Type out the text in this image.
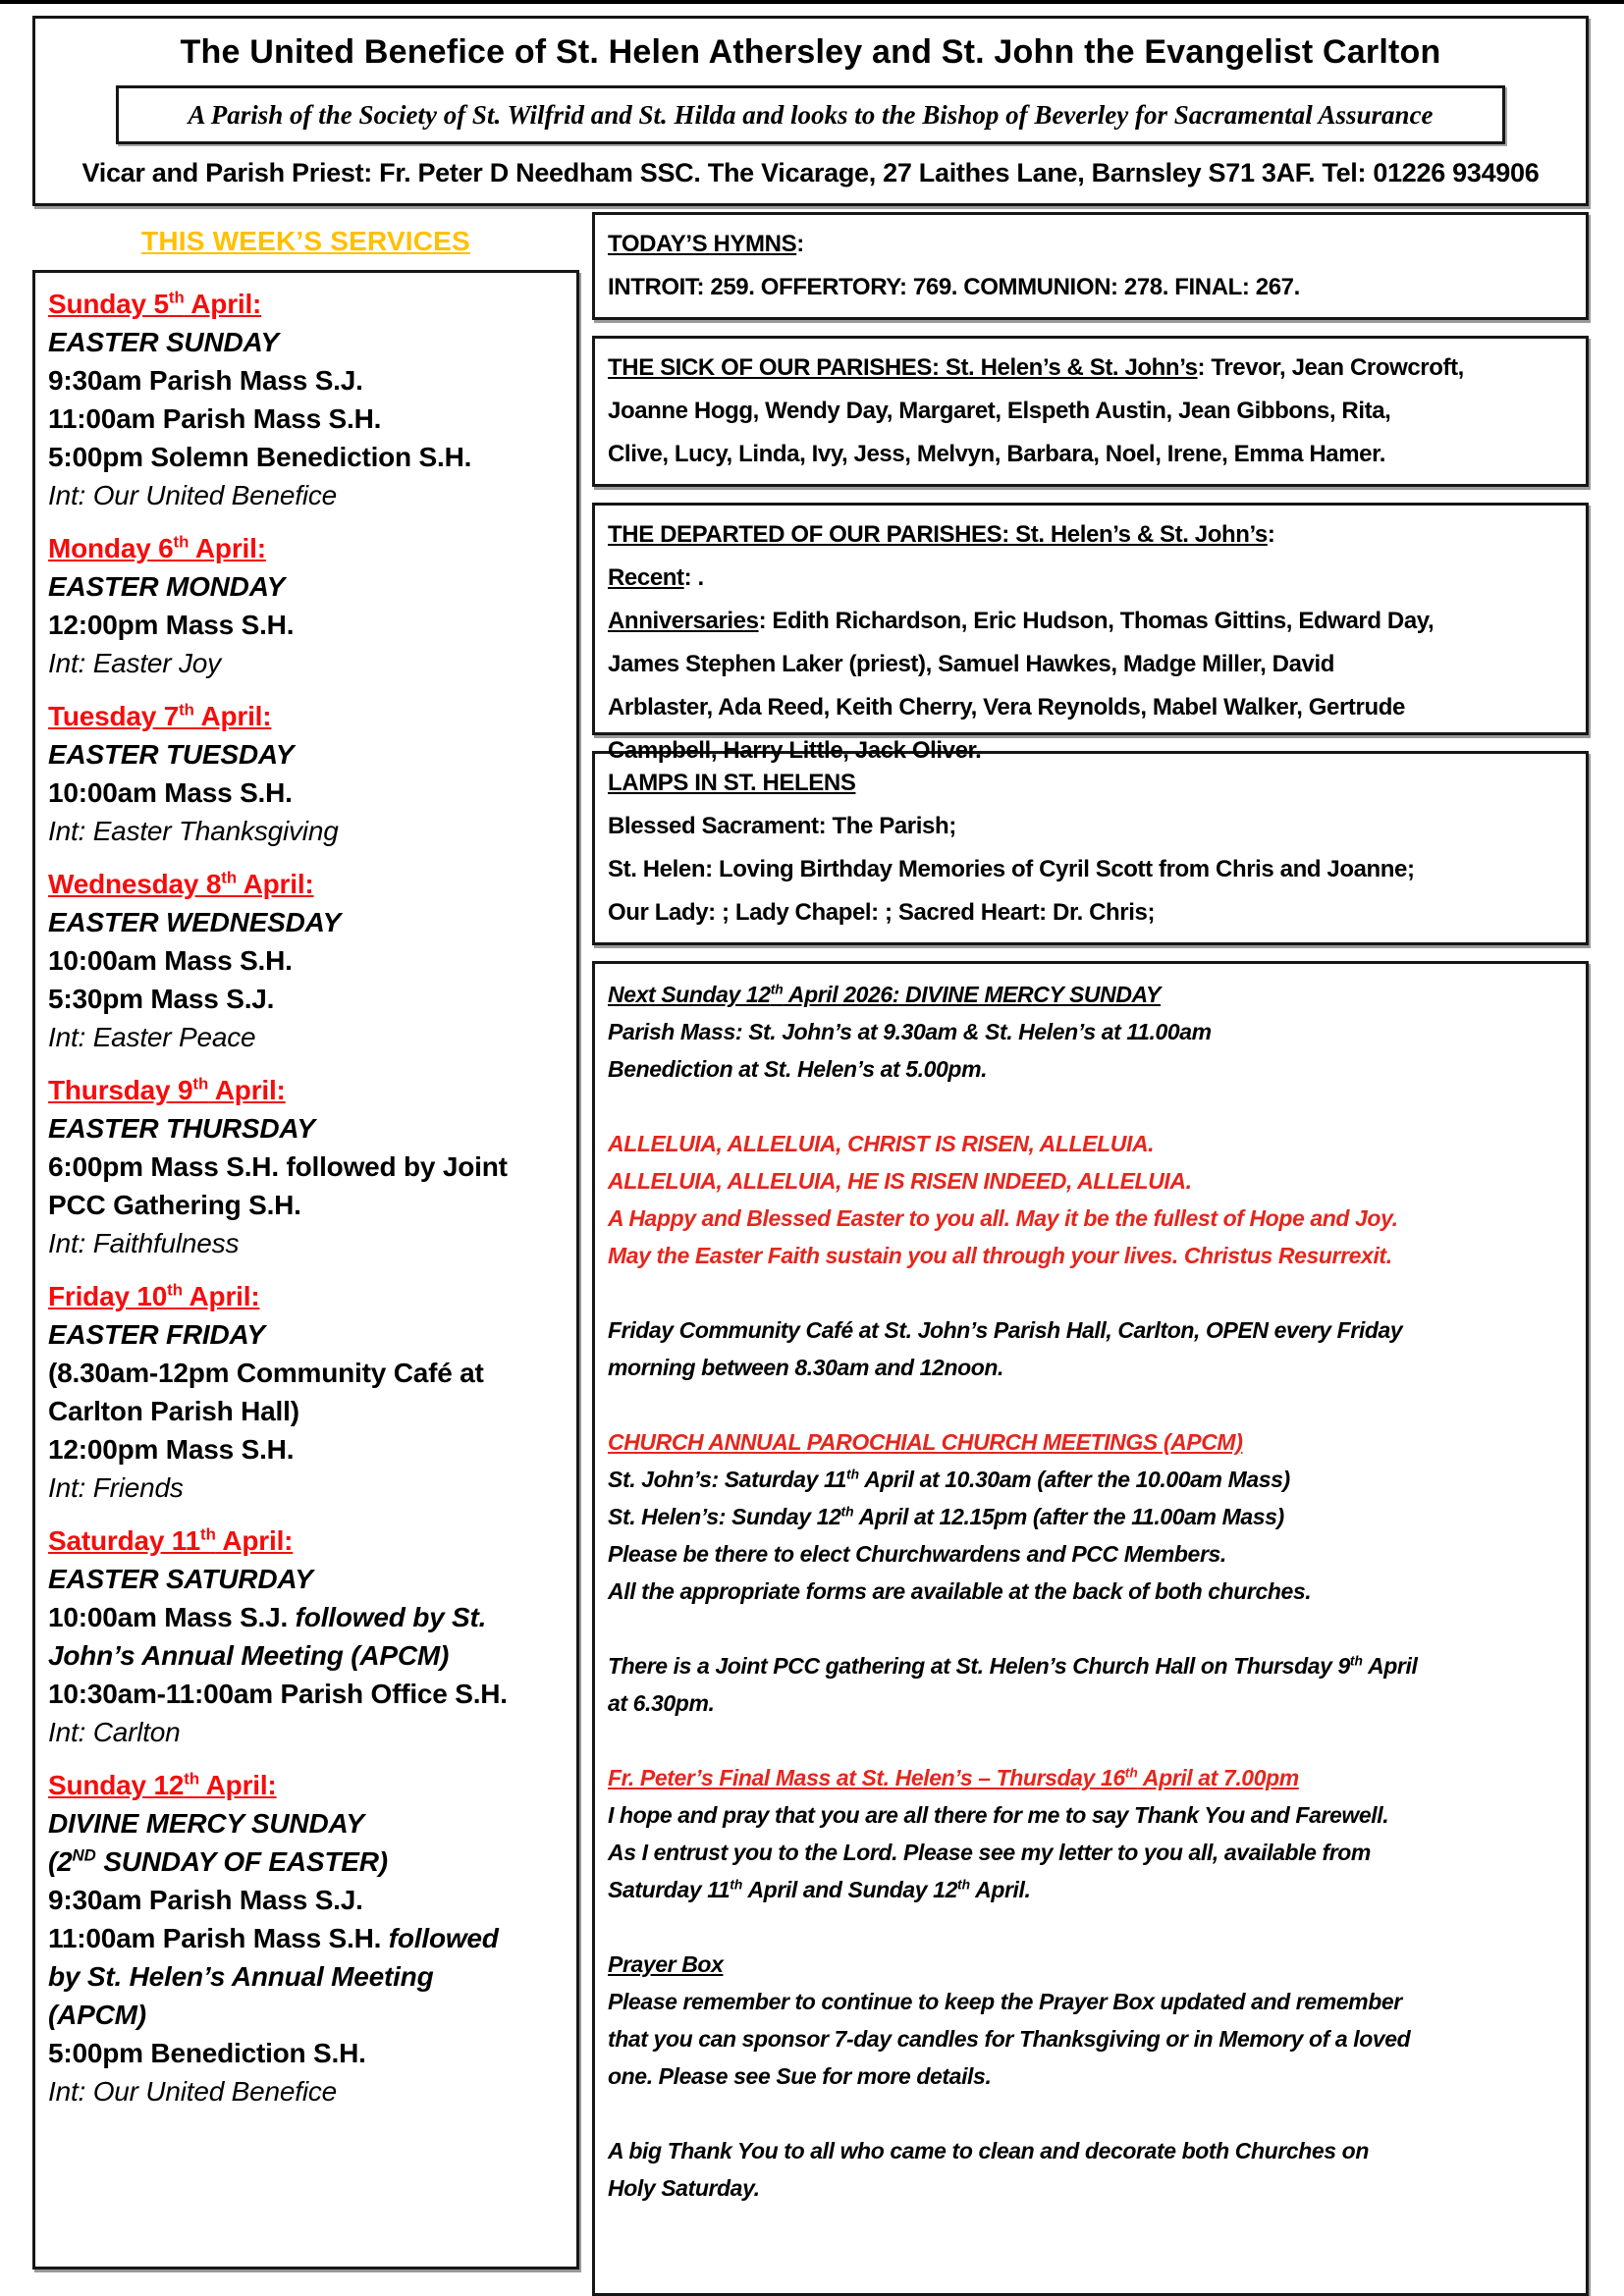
The United Benefice of St. Helen Athersley and St. John the Evangelist Carlton
A Parish of the Society of St. Wilfrid and St. Hilda and looks to the Bishop of Beverley for Sacramental Assurance
Vicar and Parish Priest: Fr. Peter D Needham SSC. The Vicarage, 27 Laithes Lane, Barnsley S71 3AF. Tel: 01226 934906
THIS WEEK’S SERVICES
Sunday 5th April:
EASTER SUNDAY
9:30am Parish Mass S.J.
11:00am Parish Mass S.H.
5:00pm Solemn Benediction S.H.
Int: Our United Benefice
Monday 6th April:
EASTER MONDAY
12:00pm Mass S.H.
Int: Easter Joy
Tuesday 7th April:
EASTER TUESDAY
10:00am Mass S.H.
Int: Easter Thanksgiving
Wednesday 8th April:
EASTER WEDNESDAY
10:00am Mass S.H.
5:30pm Mass S.J.
Int: Easter Peace
Thursday 9th April:
EASTER THURSDAY
6:00pm Mass S.H. followed by Joint
PCC Gathering S.H.
Int: Faithfulness
Friday 10th April:
EASTER FRIDAY
(8.30am-12pm Community Café at
Carlton Parish Hall)
12:00pm Mass S.H.
Int: Friends
Saturday 11th April:
EASTER SATURDAY
10:00am Mass S.J. followed by St.
John’s Annual Meeting (APCM)
10:30am-11:00am Parish Office S.H.
Int: Carlton
Sunday 12th April:
DIVINE MERCY SUNDAY
(2ND SUNDAY OF EASTER)
9:30am Parish Mass S.J.
11:00am Parish Mass S.H. followed
by St. Helen’s Annual Meeting
(APCM)
5:00pm Benediction S.H.
Int: Our United Benefice
TODAY’S HYMNS:
INTROIT: 259. OFFERTORY: 769. COMMUNION: 278. FINAL: 267.
THE SICK OF OUR PARISHES: St. Helen’s & St. John’s: Trevor, Jean Crowcroft,
Joanne Hogg, Wendy Day, Margaret, Elspeth Austin, Jean Gibbons, Rita,
Clive, Lucy, Linda, Ivy, Jess, Melvyn, Barbara, Noel, Irene, Emma Hamer.
THE DEPARTED OF OUR PARISHES: St. Helen’s & St. John’s:
Recent: .
Anniversaries: Edith Richardson, Eric Hudson, Thomas Gittins, Edward Day,
James Stephen Laker (priest), Samuel Hawkes, Madge Miller, David
Arblaster, Ada Reed, Keith Cherry, Vera Reynolds, Mabel Walker, Gertrude
Campbell, Harry Little, Jack Oliver.
LAMPS IN ST. HELENS
Blessed Sacrament: The Parish;
St. Helen: Loving Birthday Memories of Cyril Scott from Chris and Joanne;
Our Lady: ; Lady Chapel: ; Sacred Heart: Dr. Chris;
Next Sunday 12th April 2026: DIVINE MERCY SUNDAY
Parish Mass: St. John’s at 9.30am & St. Helen’s at 11.00am
Benediction at St. Helen’s at 5.00pm.

ALLELUIA, ALLELUIA, CHRIST IS RISEN, ALLELUIA.
ALLELUIA, ALLELUIA, HE IS RISEN INDEED, ALLELUIA.
A Happy and Blessed Easter to you all. May it be the fullest of Hope and Joy.
May the Easter Faith sustain you all through your lives. Christus Resurrexit.

Friday Community Café at St. John’s Parish Hall, Carlton, OPEN every Friday
morning between 8.30am and 12noon.

CHURCH ANNUAL PAROCHIAL CHURCH MEETINGS (APCM)
St. John’s: Saturday 11th April at 10.30am (after the 10.00am Mass)
St. Helen’s: Sunday 12th April at 12.15pm (after the 11.00am Mass)
Please be there to elect Churchwardens and PCC Members.
All the appropriate forms are available at the back of both churches.

There is a Joint PCC gathering at St. Helen’s Church Hall on Thursday 9th April
at 6.30pm.

Fr. Peter’s Final Mass at St. Helen’s – Thursday 16th April at 7.00pm
I hope and pray that you are all there for me to say Thank You and Farewell.
As I entrust you to the Lord. Please see my letter to you all, available from
Saturday 11th April and Sunday 12th April.

Prayer Box
Please remember to continue to keep the Prayer Box updated and remember
that you can sponsor 7-day candles for Thanksgiving or in Memory of a loved
one. Please see Sue for more details.

A big Thank You to all who came to clean and decorate both Churches on
Holy Saturday.
